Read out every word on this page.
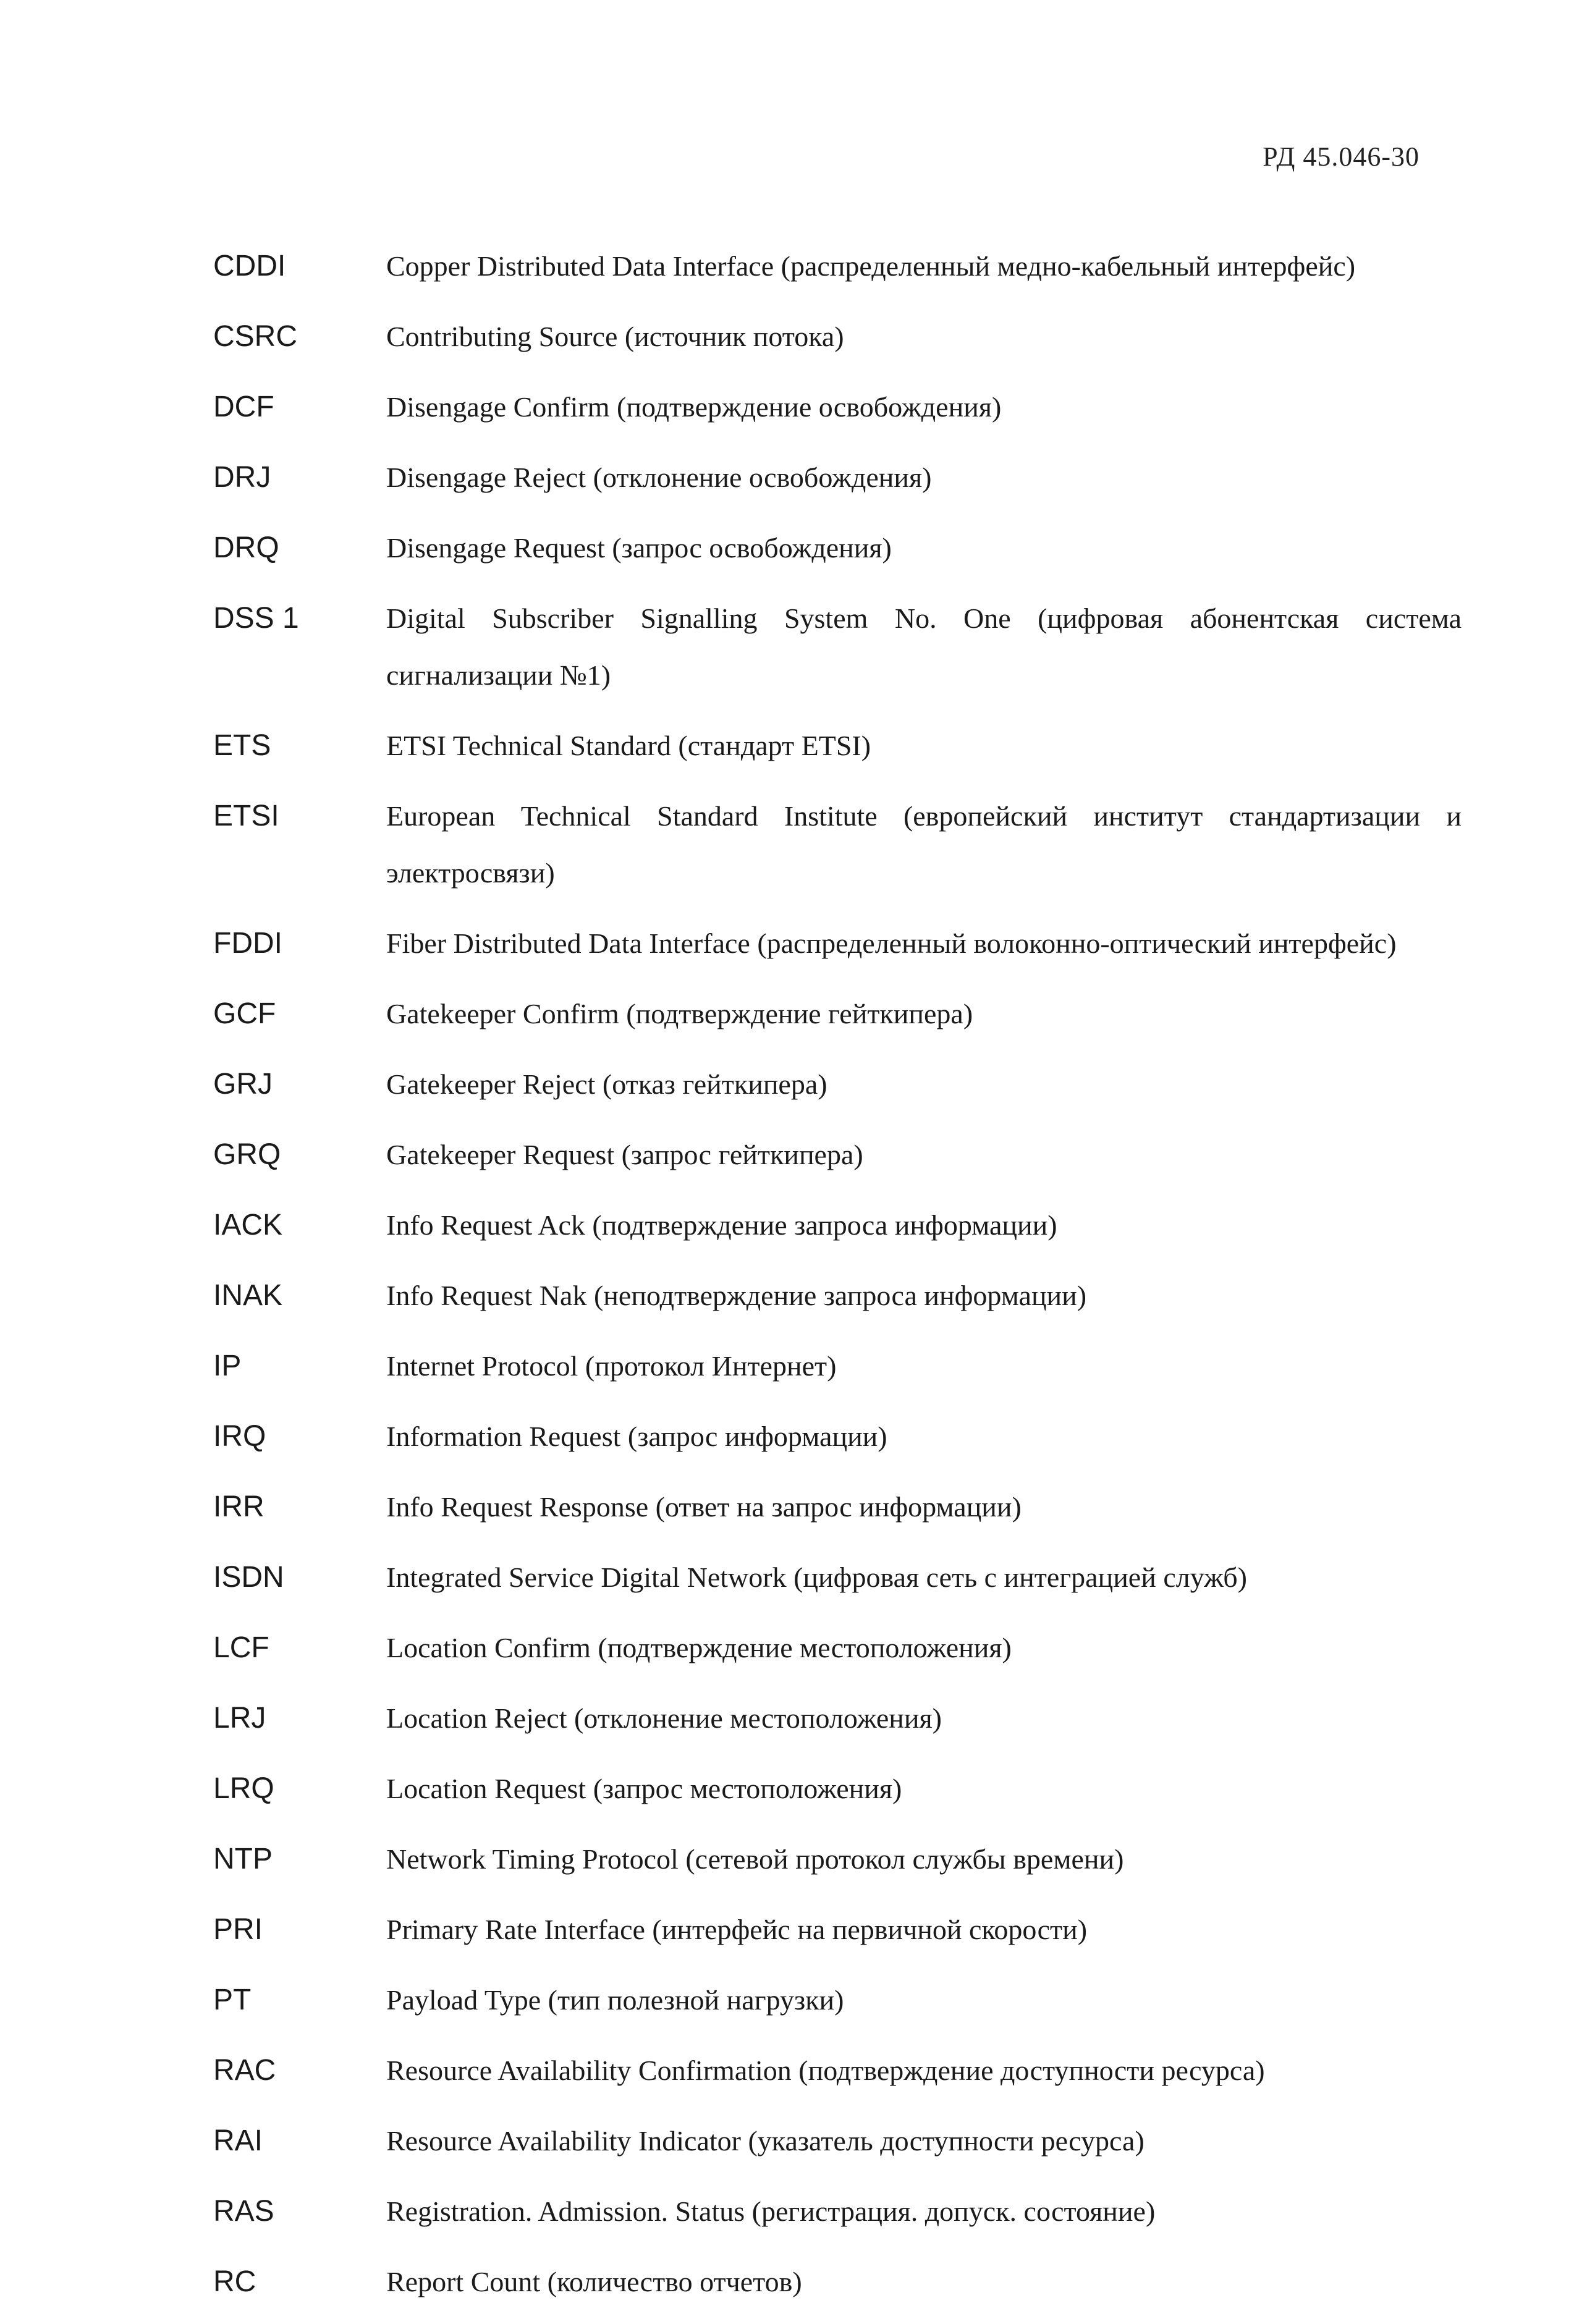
РД 45.046-30
CDDI	Copper Distributed Data Interface (распределенный медно-кабельный интерфейс)
CSRC	Contributing Source (источник потока)
DCF	Disengage Confirm (подтверждение освобождения)
DRJ	Disengage Reject (отклонение освобождения)
DRQ	Disengage Request (запрос освобождения)
DSS 1	Digital Subscriber Signalling System No. One (цифровая абонентская система сигнализации №1)
ETS	ETSI Technical Standard (стандарт ETSI)
ETSI	European Technical Standard Institute (европейский институт стандартизации и электросвязи)
FDDI	Fiber Distributed Data Interface (распределенный волоконно-оптический интерфейс)
GCF	Gatekeeper Confirm (подтверждение гейткипера)
GRJ	Gatekeeper Reject (отказ гейткипера)
GRQ	Gatekeeper Request (запрос гейткипера)
IACK	Info Request Ack (подтверждение запроса информации)
INAK	Info Request Nak (неподтверждение запроса информации)
IP	Internet Protocol (протокол Интернет)
IRQ	Information Request (запрос информации)
IRR	Info Request Response (ответ на запрос информации)
ISDN	Integrated Service Digital Network (цифровая сеть с интеграцией служб)
LCF	Location Confirm (подтверждение местоположения)
LRJ	Location Reject (отклонение местоположения)
LRQ	Location Request (запрос местоположения)
NTP	Network Timing Protocol (сетевой протокол службы времени)
PRI	Primary Rate Interface (интерфейс на первичной скорости)
PT	Payload Type (тип полезной нагрузки)
RAC	Resource Availability Confirmation (подтверждение доступности ресурса)
RAI	Resource Availability Indicator (указатель доступности ресурса)
RAS	Registration. Admission. Status (регистрация. допуск. состояние)
RC	Report Count (количество отчетов)
